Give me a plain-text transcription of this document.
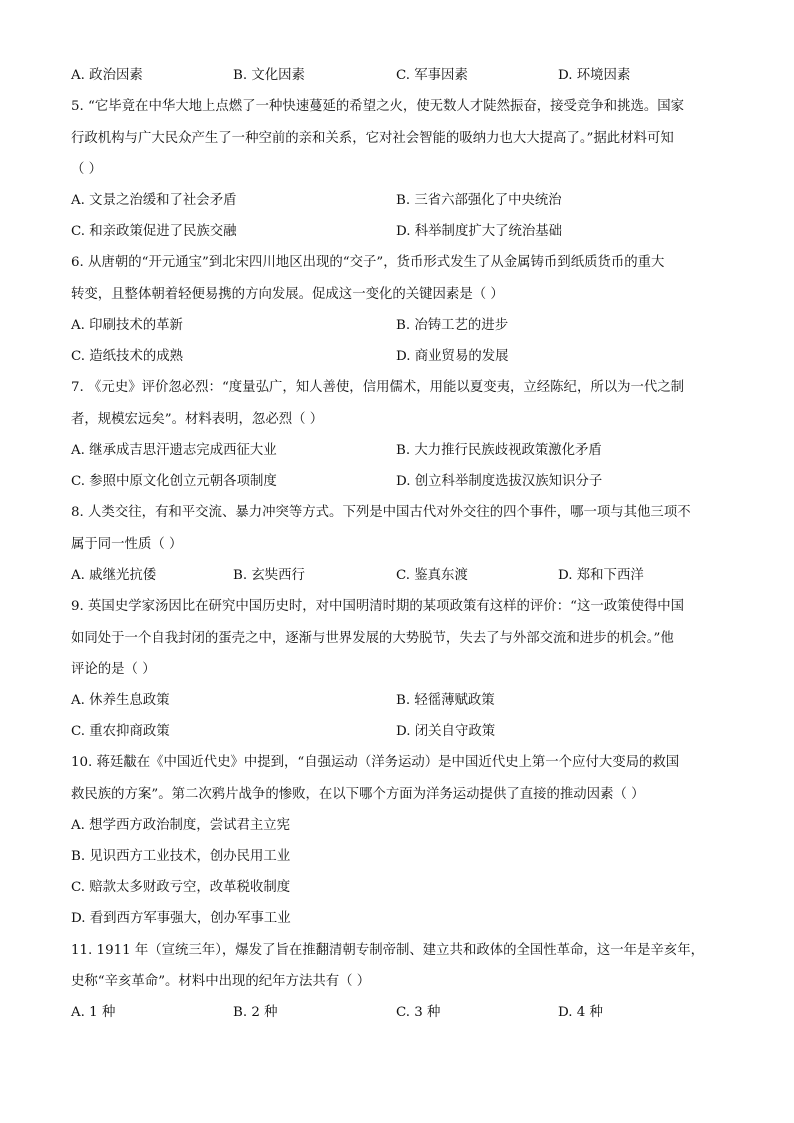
A. 政治因素	B. 文化因素	C. 军事因素	D. 环境因素
5. “它毕竟在中华大地上点燃了一种快速蔓延的希望之火，使无数人才陡然振奋，接受竞争和挑选。国家
行政机构与广大民众产生了一种空前的亲和关系，它对社会智能的吸纳力也大大提高了。”据此材料可知
（ ）
A. 文景之治缓和了社会矛盾	B. 三省六部强化了中央统治
C. 和亲政策促进了民族交融	D. 科举制度扩大了统治基础
6. 从唐朝的“开元通宝”到北宋四川地区出现的“交子”，货币形式发生了从金属铸币到纸质货币的重大
转变，且整体朝着轻便易携的方向发展。促成这一变化的关键因素是（ ）
A. 印刷技术的革新	B. 冶铸工艺的进步
C. 造纸技术的成熟	D. 商业贸易的发展
7. 《元史》评价忽必烈：“度量弘广，知人善使，信用儒术，用能以夏变夷，立经陈纪，所以为一代之制
者，规模宏远矣”。材料表明，忽必烈（ ）
A. 继承成吉思汗遗志完成西征大业	B. 大力推行民族歧视政策激化矛盾
C. 参照中原文化创立元朝各项制度	D. 创立科举制度选拔汉族知识分子
8. 人类交往，有和平交流、暴力冲突等方式。下列是中国古代对外交往的四个事件，哪一项与其他三项不
属于同一性质（ ）
A. 戚继光抗倭	B. 玄奘西行	C. 鉴真东渡	D. 郑和下西洋
9. 英国史学家汤因比在研究中国历史时，对中国明清时期的某项政策有这样的评价：“这一政策使得中国
如同处于一个自我封闭的蛋壳之中，逐渐与世界发展的大势脱节，失去了与外部交流和进步的机会。”他
评论的是（ ）
A. 休养生息政策	B. 轻徭薄赋政策
C. 重农抑商政策	D. 闭关自守政策
10. 蒋廷黻在《中国近代史》中提到，“自强运动（洋务运动）是中国近代史上第一个应付大变局的救国
救民族的方案”。第二次鸦片战争的惨败，在以下哪个方面为洋务运动提供了直接的推动因素（ ）
A. 想学西方政治制度，尝试君主立宪
B. 见识西方工业技术，创办民用工业
C. 赔款太多财政亏空，改革税收制度
D. 看到西方军事强大，创办军事工业
11. 1911 年（宣统三年），爆发了旨在推翻清朝专制帝制、建立共和政体的全国性革命，这一年是辛亥年，
史称“辛亥革命”。材料中出现的纪年方法共有（ ）
A. 1 种	B. 2 种	C. 3 种	D. 4 种
